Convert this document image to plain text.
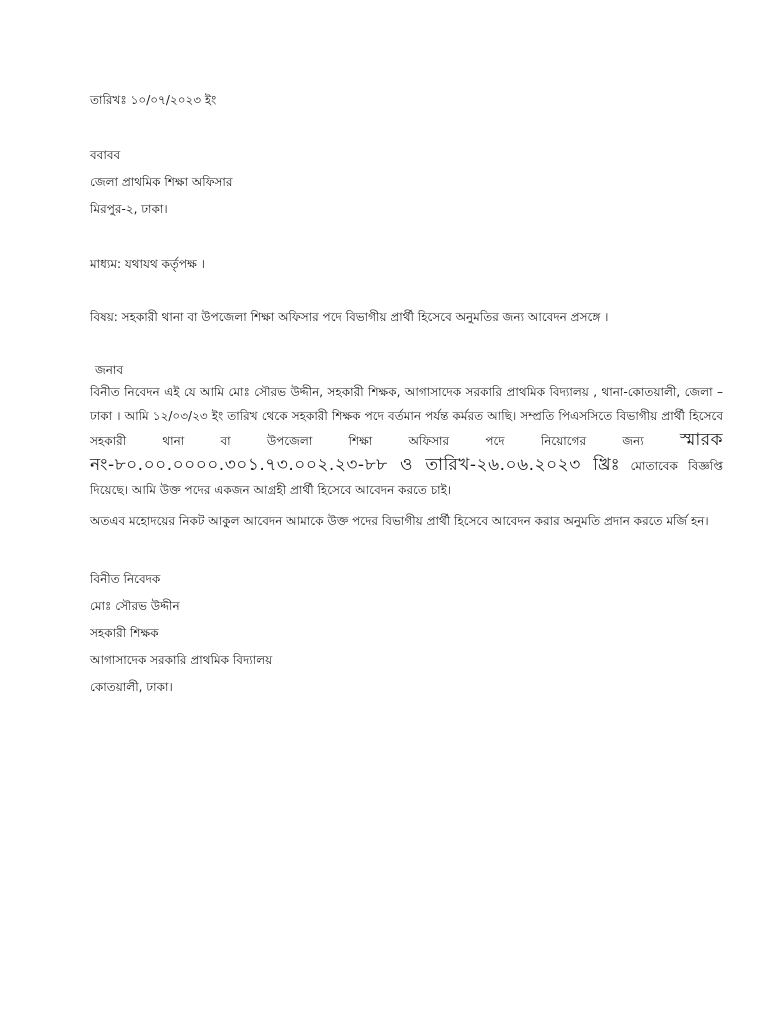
তারিখঃ ১০/০৭/২০২৩ ইং
ববাবব
জেলা প্রাথমিক শিক্ষা অফিসার
মিরপুর-২, ঢাকা।
মাধ্যম: যথাযথ কর্তৃপক্ষ ।
বিষয়: সহকারী থানা বা উপজেলা শিক্ষা অফিসার পদে বিভাগীয় প্রার্থী হিসেবে অনুমতির জন্য আবেদন প্রসঙ্গে ।
জনাব
বিনীত নিবেদন এই যে আমি মোঃ সৌরভ উদ্দীন, সহকারী শিক্ষক, আগাসাদেক সরকারি প্রাথমিক বিদ্যালয় , থানা-কোতয়ালী, জেলা – ঢাকা । আমি ১২/০৩/২৩ ইং তারিখ থেকে সহকারী শিক্ষক পদে বর্তমান পর্যন্ত কর্মরত আছি। সম্প্রতি পিএসসিতে বিভাগীয় প্রার্থী হিসেবে সহকারী থানা বা উপজেলা শিক্ষা অফিসার পদে নিয়োগের জন্য স্মারক নং-৮০.০০.০০০০.৩০১.৭৩.০০২.২৩-৮৮ ও তারিখ-২৬.০৬.২০২৩ খ্রিঃ মোতাবেক বিজ্ঞপ্তি দিয়েছে। আমি উক্ত পদের একজন আগ্রহী প্রার্থী হিসেবে আবেদন করতে চাই।
অতএব মহোদয়ের নিকট আকুল আবেদন আমাকে উক্ত পদের বিভাগীয় প্রার্থী হিসেবে আবেদন করার অনুমতি প্রদান করতে মর্জি হন।
বিনীত নিবেদক
মোঃ সৌরভ উদ্দীন
সহকারী শিক্ষক
আগাসাদেক সরকারি প্রাথমিক বিদ্যালয়
কোতয়ালী, ঢাকা।
